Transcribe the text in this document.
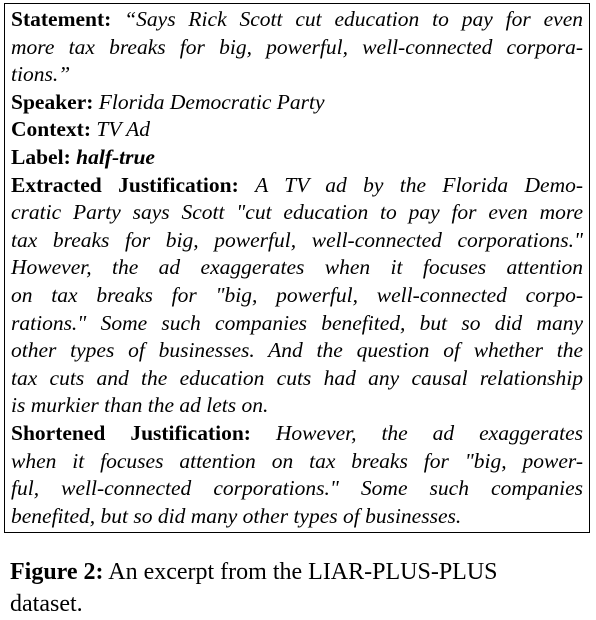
Statement: “Says Rick Scott cut education to pay for even
more tax breaks for big, powerful, well-connected corpora-
tions.”
Speaker: Florida Democratic Party
Context: TV Ad
Label: half-true
Extracted Justification: A TV ad by the Florida Demo-
cratic Party says Scott "cut education to pay for even more
tax breaks for big, powerful, well-connected corporations."
However, the ad exaggerates when it focuses attention
on tax breaks for "big, powerful, well-connected corpo-
rations." Some such companies benefited, but so did many
other types of businesses. And the question of whether the
tax cuts and the education cuts had any causal relationship
is murkier than the ad lets on.
Shortened Justification: However, the ad exaggerates
when it focuses attention on tax breaks for "big, power-
ful, well-connected corporations." Some such companies
benefited, but so did many other types of businesses.
Figure 2: An excerpt from the LIAR-PLUS-PLUS
dataset.
